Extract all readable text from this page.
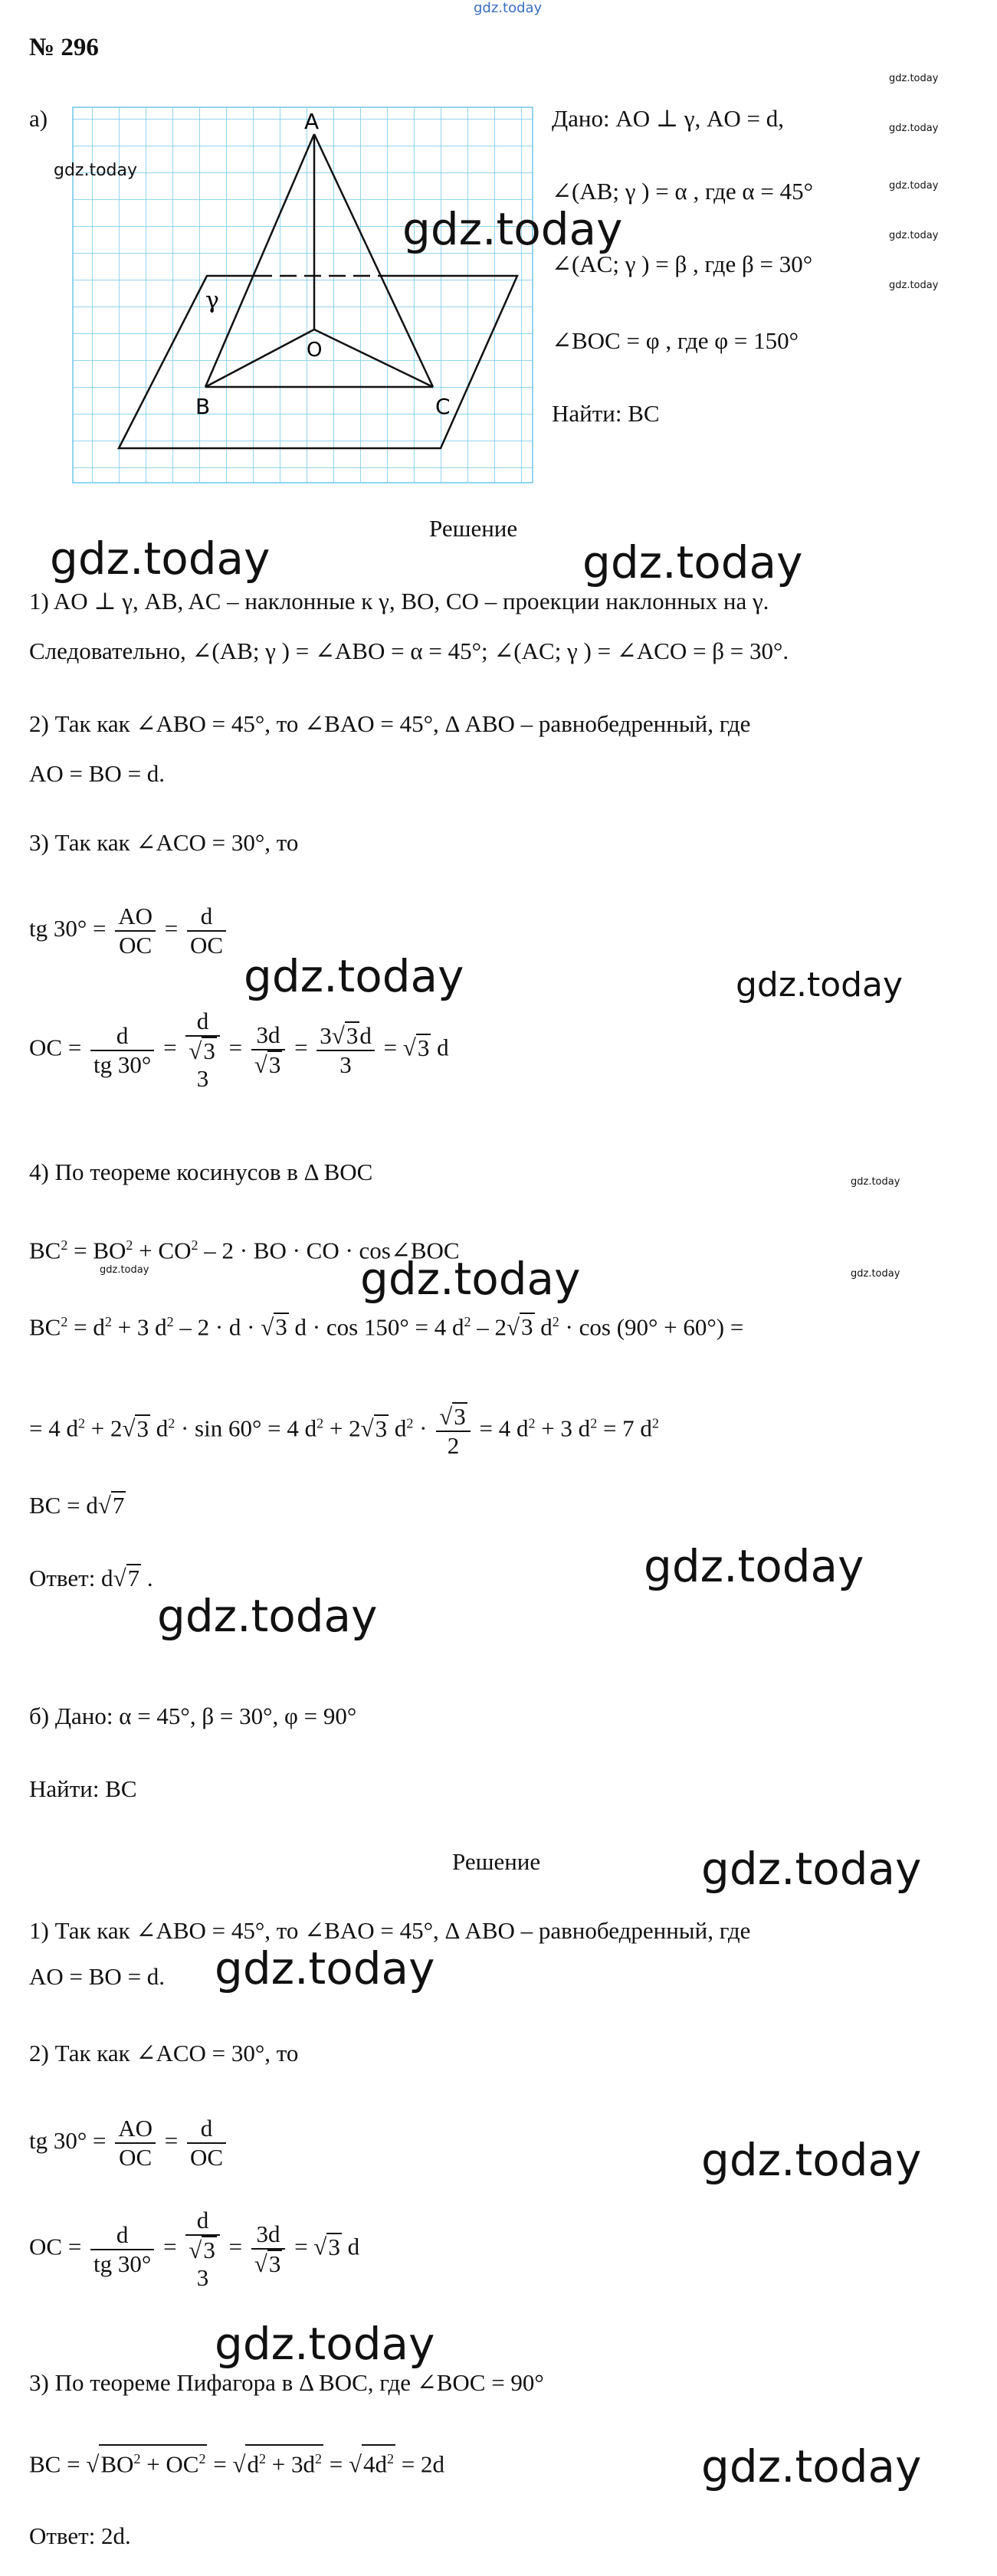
gdz.today
№ 296
а)	A
B	C
O
γ
gdz.today
gdz.today
Дано: AO ⊥ γ, AO = d,
∠(AB; γ ) = α , где α = 45°
∠(AC; γ ) = β , где β = 30°
∠BOC = φ , где φ = 150°
Найти: BC
gdz.today
gdz.today
gdz.today
gdz.today
gdz.today
Решение
gdz.today	gdz.today
1) AO ⊥ γ, AB, AC – наклонные к γ, BO, CO – проекции наклонных на γ.
Следовательно, ∠(AB; γ ) = ∠ABO = α = 45°; ∠(AC; γ ) = ∠ACO = β = 30°.
2) Так как ∠ABO = 45°, то ∠BAO = 45°, Δ ABO – равнобедренный, где
AO = BO = d.
3) Так как ∠ACO = 30°, то
tg $30^\circ = \frac{AO}{OC} = \frac{d}{OC}$
gdz.today	gdz.today
OC = $\frac{d}{tg 30^\circ}$ =
d
√3
3
= $\frac{3d}{√3} = \frac{3√3d}{3} = √3$ d
4) По теореме косинусов в Δ BOC	gdz.today
$BC^2 = BO^2 + CO^2 - 2$ · BO · CO · cos∠BOC
gdz.today	gdz.today
gdz.today
$BC^2 = d^2 + 3$ $d^2 - 2 \cdot d \cdot √3$ d · cos 150° = 4 $d^2 - 2√3$ $d^2 \cdot \cos (90^\circ + 60^\circ)$ =
= 4 $d^2 + 2√3$ $d^2 \cdot \sin 60^\circ = 4$ $d^2 + 2√3$ $d^2 \cdot \frac{√3}{2} = 4$ $d^2 + 3$ $d^2 = 7$ $d^2$
BC = d√7
Ответ: d√7 .	gdz.today
gdz.today
б) Дано: α = 45°, β = 30°, φ = 90°
Найти: BC
Решение	gdz.today
1) Так как ∠ABO = 45°, то ∠BAO = 45°, Δ ABO – равнобедренный, где
AO = BO = d. gdz.today
2) Так как ∠ACO = 30°, то
tg $30^\circ = \frac{AO}{OC} = \frac{d}{OC}$	gdz.today
OC = $\frac{d}{tg 30^\circ}$ =
d
√3
3
= $\frac{3d}{√3} = √3$ d
gdz.today
3) По теореме Пифагора в Δ BOC, где ∠BOC = 90°
BC = $√BO^2 + OC^2 = √d^2 + 3d^2 = √4d^2 = 2d$	gdz.today
Ответ: 2d.
